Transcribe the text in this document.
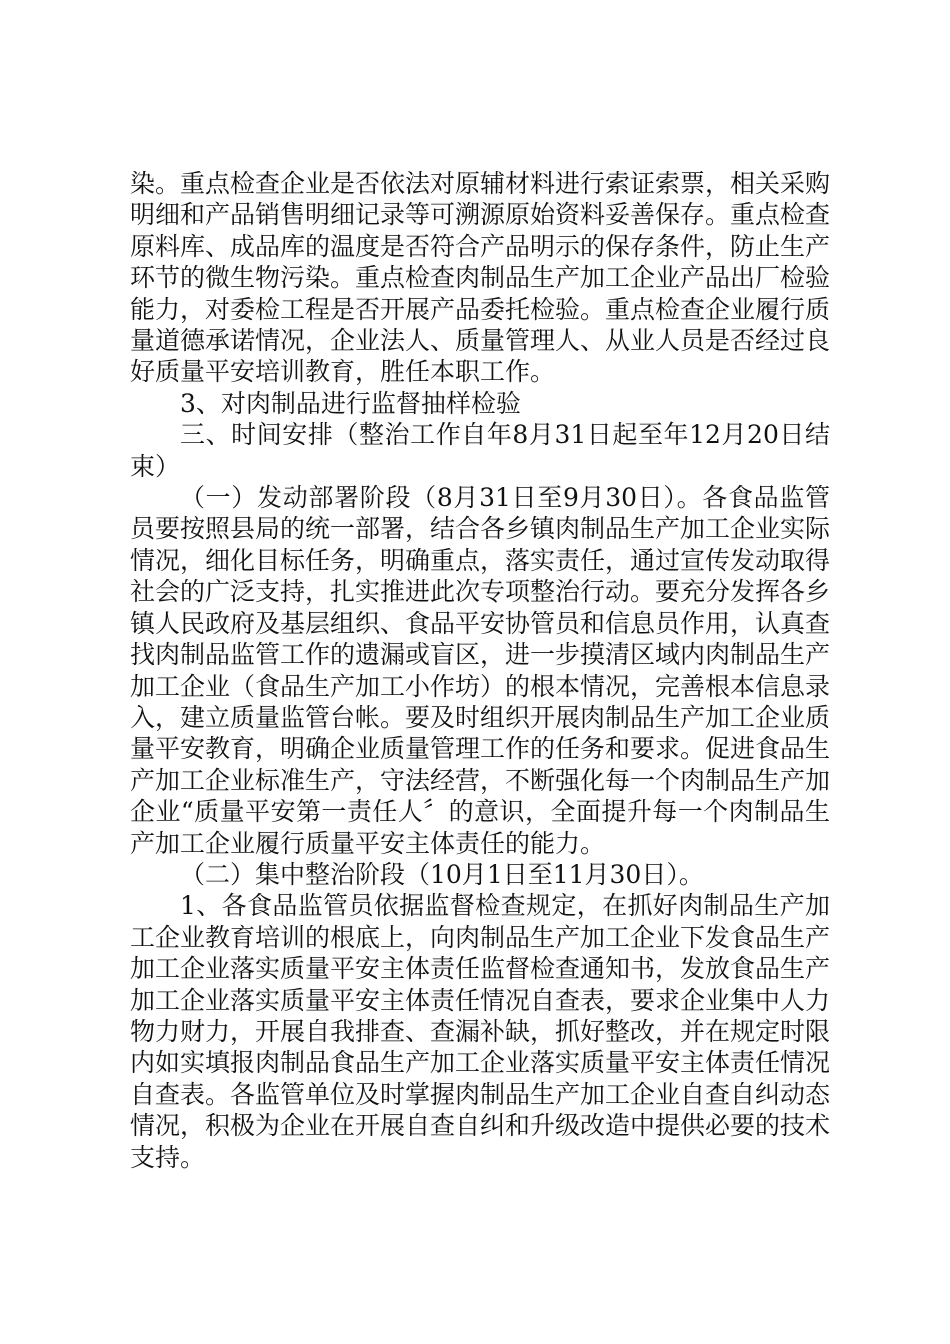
染。重点检查企业是否依法对原辅材料进行索证索票，相关采购明细和产品销售明细记录等可溯源原始资料妥善保存。重点检查原料库、成品库的温度是否符合产品明示的保存条件，防止生产环节的微生物污染。重点检查肉制品生产加工企业产品出厂检验能力，对委检工程是否开展产品委托检验。重点检查企业履行质量道德承诺情况，企业法人、质量管理人、从业人员是否经过良好质量平安培训教育，胜任本职工作。

3、对肉制品进行监督抽样检验

三、时间安排（整治工作自年8月31日起至年12月20日结束）

（一）发动部署阶段（8月31日至9月30日）。各食品监管员要按照县局的统一部署，结合各乡镇肉制品生产加工企业实际情况，细化目标任务，明确重点，落实责任，通过宣传发动取得社会的广泛支持，扎实推进此次专项整治行动。要充分发挥各乡镇人民政府及基层组织、食品平安协管员和信息员作用，认真查找肉制品监管工作的遗漏或盲区，进一步摸清区域内肉制品生产加工企业（食品生产加工小作坊）的根本情况，完善根本信息录入，建立质量监管台帐。要及时组织开展肉制品生产加工企业质量平安教育，明确企业质量管理工作的任务和要求。促进食品生产加工企业标准生产，守法经营，不断强化每一个肉制品生产加企业“质量平安第一责任人〞的意识，全面提升每一个肉制品生产加工企业履行质量平安主体责任的能力。

（二）集中整治阶段（10月1日至11月30日）。

1、各食品监管员依据监督检查规定，在抓好肉制品生产加工企业教育培训的根底上，向肉制品生产加工企业下发食品生产加工企业落实质量平安主体责任监督检查通知书，发放食品生产加工企业落实质量平安主体责任情况自查表，要求企业集中人力物力财力，开展自我排查、查漏补缺，抓好整改，并在规定时限内如实填报肉制品食品生产加工企业落实质量平安主体责任情况自查表。各监管单位及时掌握肉制品生产加工企业自查自纠动态情况，积极为企业在开展自查自纠和升级改造中提供必要的技术支持。
